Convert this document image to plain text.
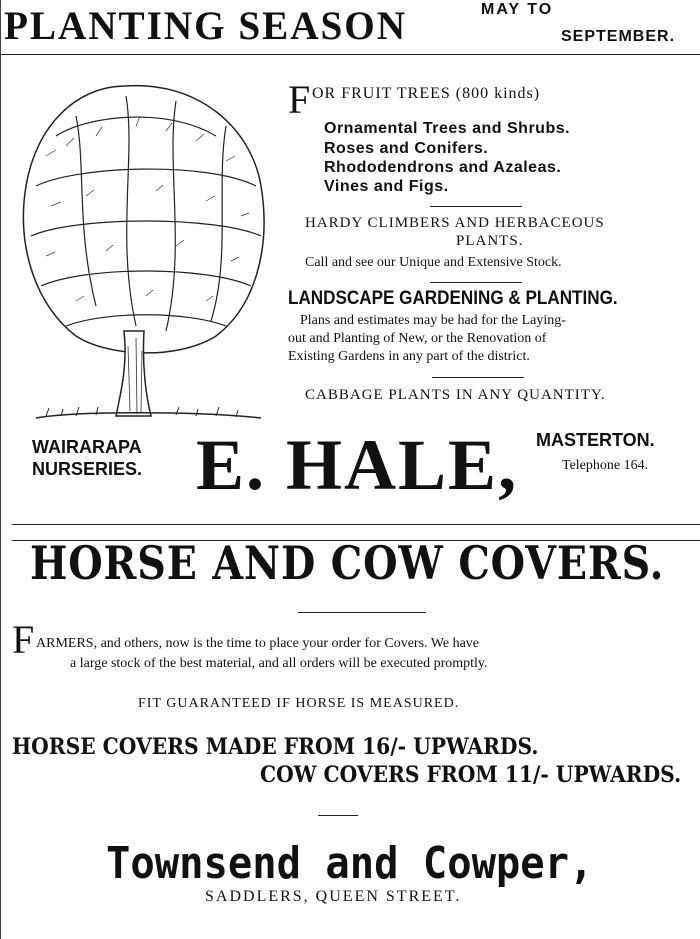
PLANTING SEASON	MAY TO
SEPTEMBER.
F OR FRUIT TREES (800 kinds)
Ornamental Trees and Shrubs.
Roses and Conifers.
Rhododendrons and Azaleas.
Vines and Figs.
HARDY CLIMBERS AND HERBACEOUS
PLANTS.
Call and see our Unique and Extensive Stock.
LANDSCAPE GARDENING & PLANTING.
Plans and estimates may be had for the Laying-
out and Planting of New, or the Renovation of
Existing Gardens in any part of the district.
CABBAGE PLANTS IN ANY QUANTITY.
WAIRARAPA
NURSERIES. E. HALE, MASTERTON.
Telephone 164.
HORSE AND COW COVERS.
F ARMERS, and others, now is the time to place your order for Covers. We have
a large stock of the best material, and all orders will be executed promptly.
FIT GUARANTEED IF HORSE IS MEASURED.
HORSE COVERS MADE FROM 16/- UPWARDS.
COW COVERS FROM 11/- UPWARDS.
Townsend and Cowper,
SADDLERS, QUEEN STREET.
